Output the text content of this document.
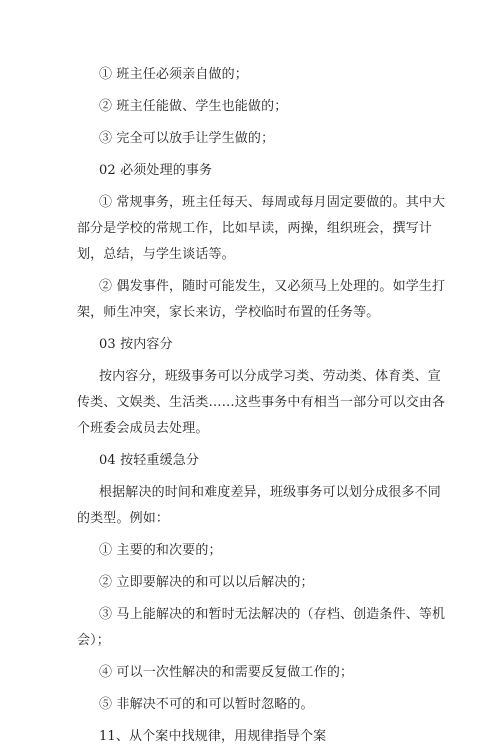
① 班主任必须亲自做的；

② 班主任能做、学生也能做的；

③ 完全可以放手让学生做的；

02 必须处理的事务

① 常规事务，班主任每天、每周或每月固定要做的。其中大部分是学校的常规工作，比如早读，两操，组织班会，撰写计划，总结，与学生谈话等。

② 偶发事件，随时可能发生，又必须马上处理的。如学生打架，师生冲突，家长来访，学校临时布置的任务等。

03 按内容分

按内容分，班级事务可以分成学习类、劳动类、体育类、宣传类、文娱类、生活类……这些事务中有相当一部分可以交由各个班委会成员去处理。

04 按轻重缓急分

根据解决的时间和难度差异，班级事务可以划分成很多不同的类型。例如：

① 主要的和次要的；

② 立即要解决的和可以以后解决的；

③ 马上能解决的和暂时无法解决的（存档、创造条件、等机会）；

④ 可以一次性解决的和需要反复做工作的；

⑤ 非解决不可的和可以暂时忽略的。

11、从个案中找规律，用规律指导个案
